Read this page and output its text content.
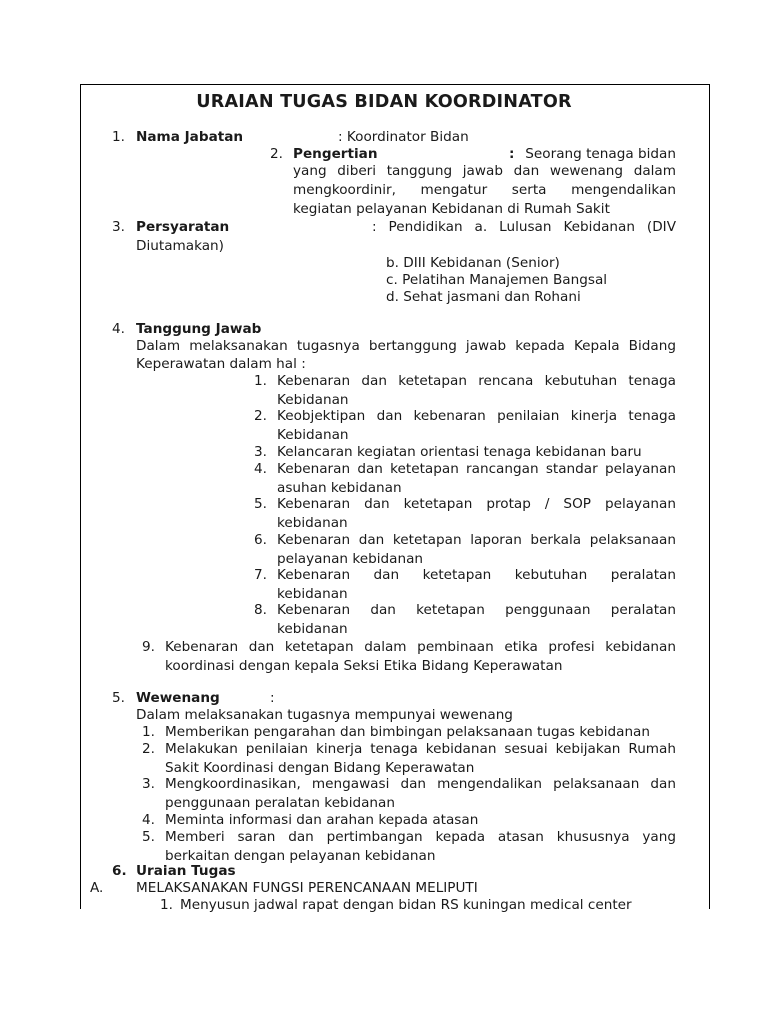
URAIAN TUGAS BIDAN KOORDINATOR
1. Nama Jabatan	: Koordinator Bidan
2. Pengertian	: Seorang tenaga bidan
yang diberi tanggung jawab dan wewenang dalam
mengkoordinir, mengatur serta mengendalikan
kegiatan pelayanan Kebidanan di Rumah Sakit
3. Persyaratan	: Pendidikan a. Lulusan Kebidanan (DIV
Diutamakan)
b. DIII Kebidanan (Senior)
c. Pelatihan Manajemen Bangsal
d. Sehat jasmani dan Rohani
4. Tanggung Jawab
Dalam melaksanakan tugasnya bertanggung jawab kepada Kepala Bidang
Keperawatan dalam hal :
1. Kebenaran dan ketetapan rencana kebutuhan tenaga
Kebidanan
2. Keobjektipan dan kebenaran penilaian kinerja tenaga
Kebidanan
3. Kelancaran kegiatan orientasi tenaga kebidanan baru
4. Kebenaran dan ketetapan rancangan standar pelayanan
asuhan kebidanan
5. Kebenaran dan ketetapan protap / SOP pelayanan
kebidanan
6. Kebenaran dan ketetapan laporan berkala pelaksanaan
pelayanan kebidanan
7. Kebenaran dan ketetapan kebutuhan peralatan
kebidanan
8. Kebenaran dan ketetapan penggunaan peralatan
kebidanan
9. Kebenaran dan ketetapan dalam pembinaan etika profesi kebidanan
koordinasi dengan kepala Seksi Etika Bidang Keperawatan
5. Wewenang	:
Dalam melaksanakan tugasnya mempunyai wewenang
1. Memberikan pengarahan dan bimbingan pelaksanaan tugas kebidanan
2. Melakukan penilaian kinerja tenaga kebidanan sesuai kebijakan Rumah
Sakit Koordinasi dengan Bidang Keperawatan
3. Mengkoordinasikan, mengawasi dan mengendalikan pelaksanaan dan
penggunaan peralatan kebidanan
4. Meminta informasi dan arahan kepada atasan
5. Memberi saran dan pertimbangan kepada atasan khususnya yang
berkaitan dengan pelayanan kebidanan
6. Uraian Tugas
A. MELAKSANAKAN FUNGSI PERENCANAAN MELIPUTI
1. Menyusun jadwal rapat dengan bidan RS kuningan medical center
